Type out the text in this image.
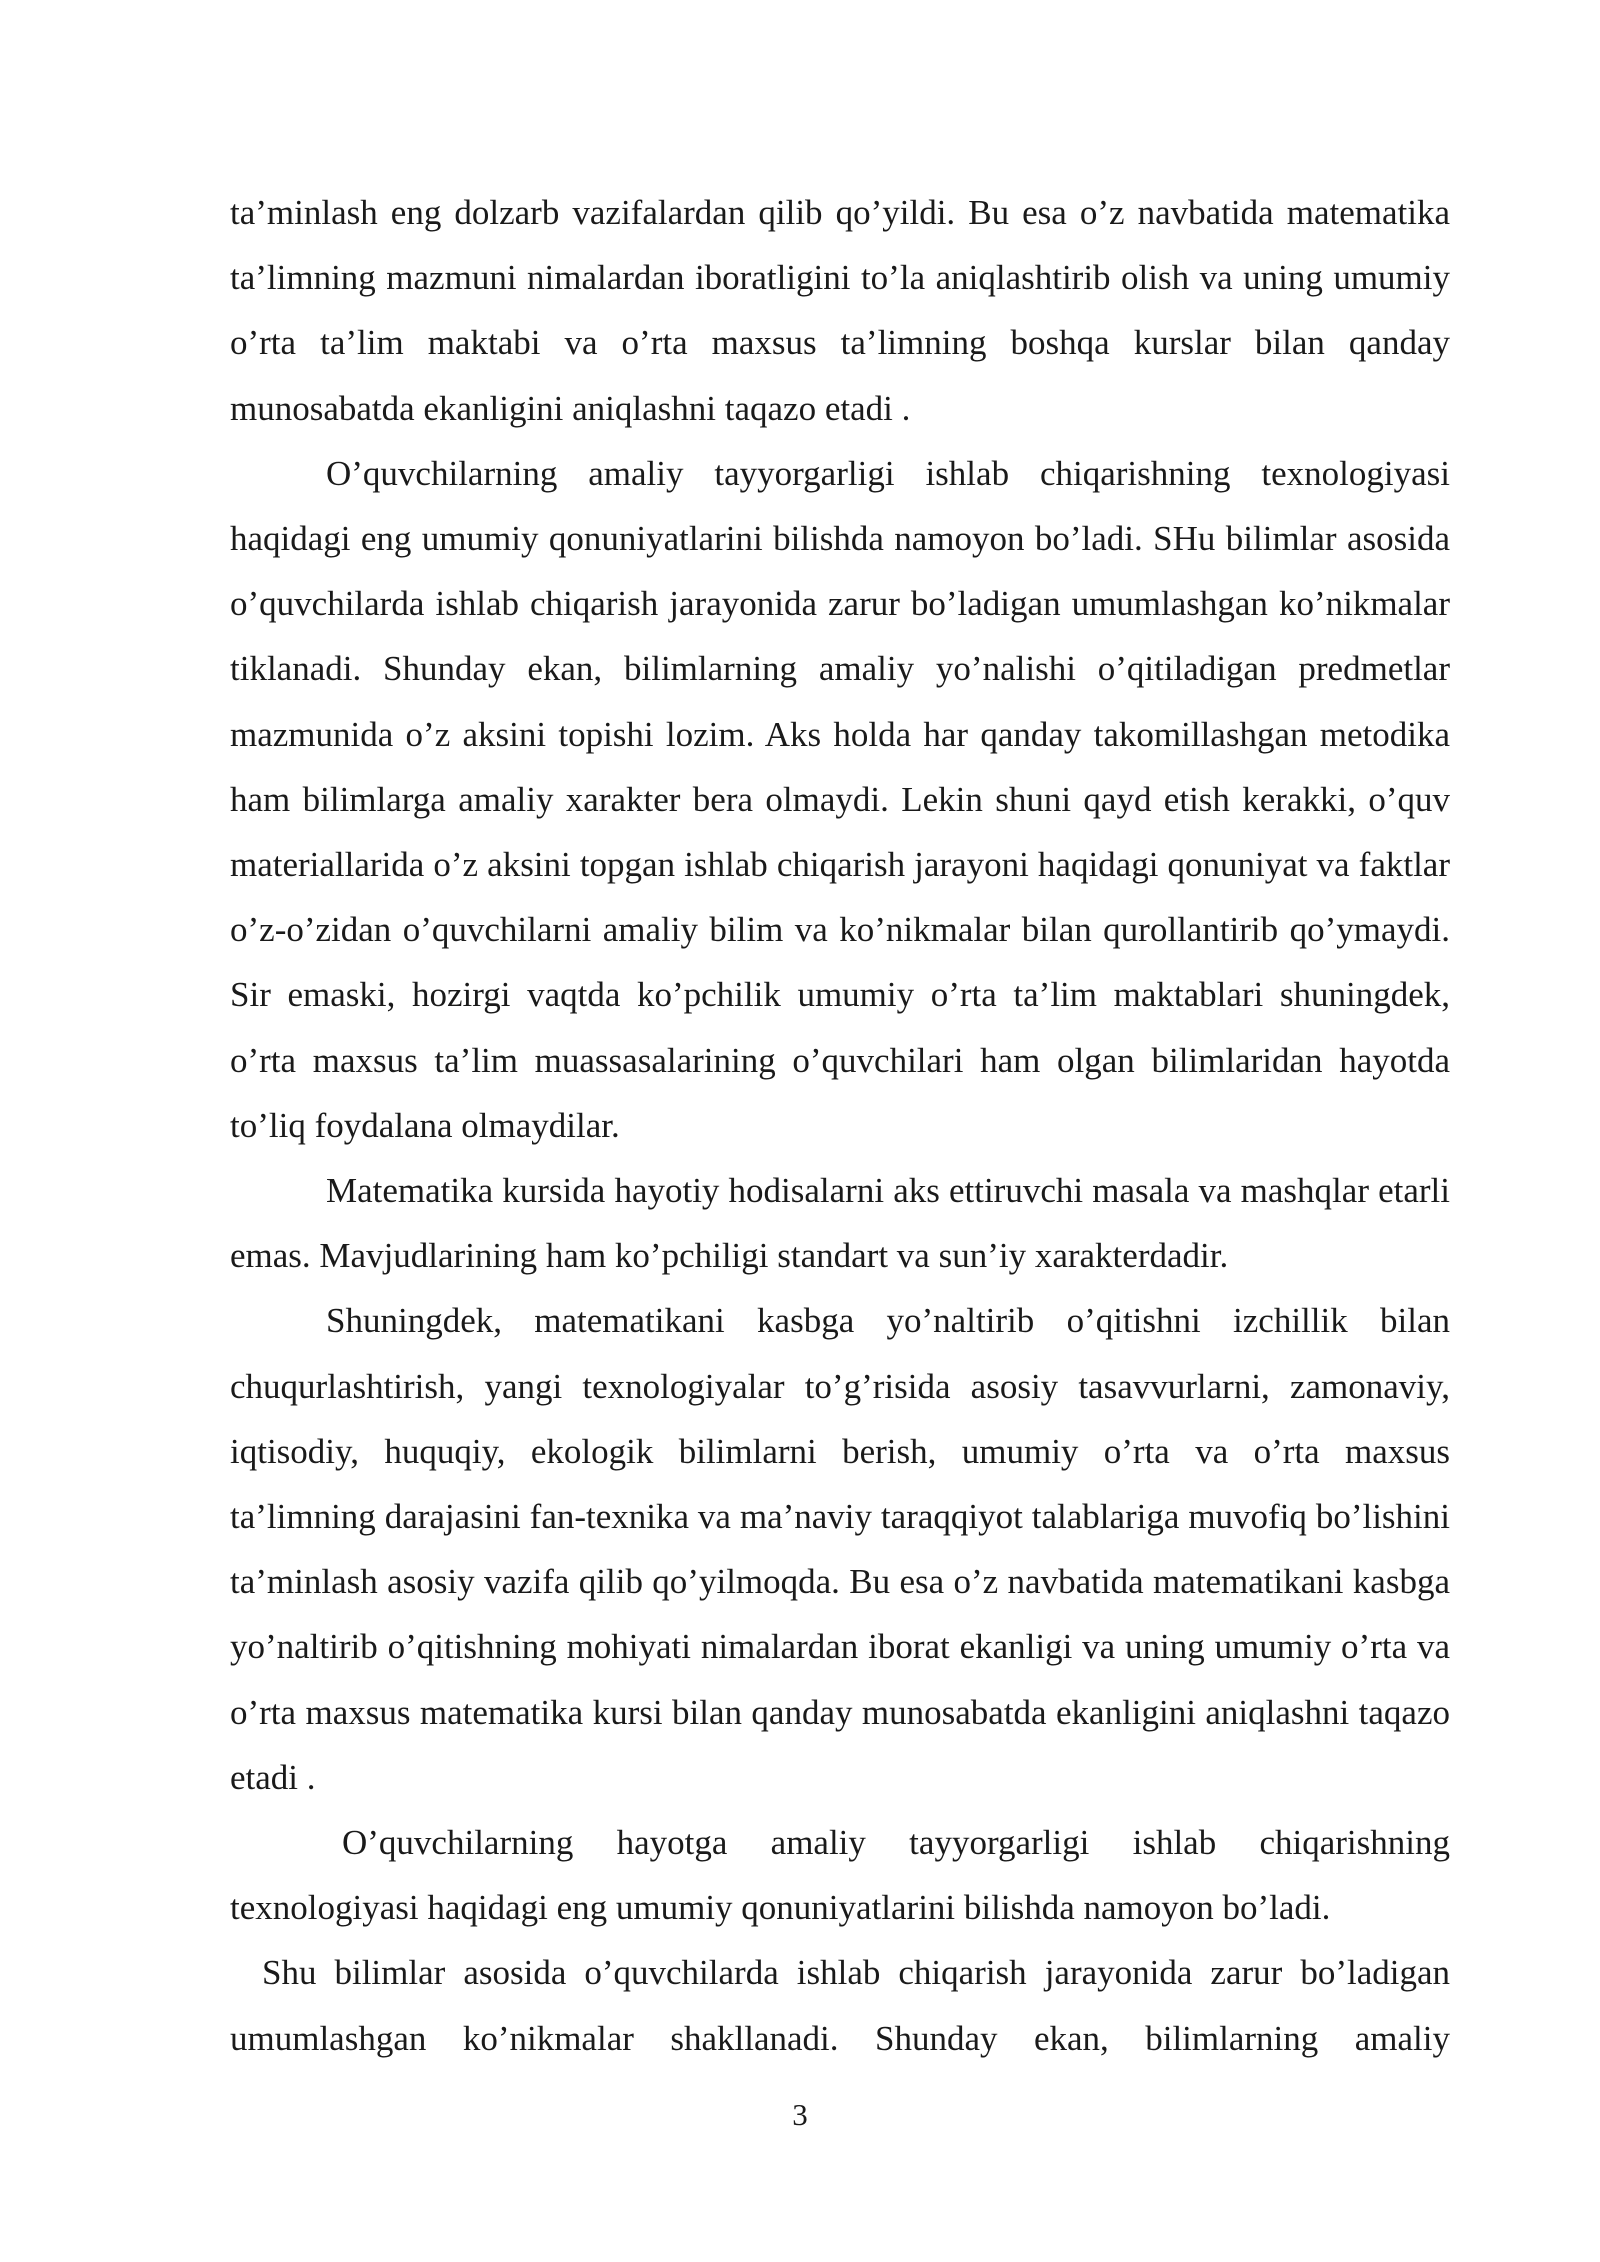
ta’minlash eng dolzarb vazifalardan qilib qo’yildi. Bu esa o’z navbatida matematika ta’limning mazmuni nimalardan iboratligini to’la aniqlashtirib olish va uning umumiy o’rta ta’lim maktabi va o’rta maxsus ta’limning boshqa kurslar bilan qanday munosabatda ekanligini aniqlashni taqazo etadi .

O’quvchilarning amaliy tayyorgarligi ishlab chiqarishning texnologiyasi haqidagi eng umumiy qonuniyatlarini bilishda namoyon bo’ladi. SHu bilimlar asosida o’quvchilarda ishlab chiqarish jarayonida zarur bo’ladigan umumlashgan ko’nikmalar tiklanadi. Shunday ekan, bilimlarning amaliy yo’nalishi o’qitiladigan predmetlar mazmunida o’z aksini topishi lozim. Aks holda har qanday takomillashgan metodika ham bilimlarga amaliy xarakter bera olmaydi. Lekin shuni qayd etish kerakki, o’quv materiallarida o’z aksini topgan ishlab chiqarish jarayoni haqidagi qonuniyat va faktlar o’z-o’zidan o’quvchilarni amaliy bilim va ko’nikmalar bilan qurollantirib qo’ymaydi. Sir emaski, hozirgi vaqtda ko’pchilik umumiy o’rta ta’lim maktablari shuningdek, o’rta maxsus ta’lim muassasalarining o’quvchilari ham olgan bilimlaridan hayotda to’liq foydalana olmaydilar.

Matematika kursida hayotiy hodisalarni aks ettiruvchi masala va mashqlar etarli emas. Mavjudlarining ham ko’pchiligi standart va sun’iy xarakterdadir.

Shuningdek, matematikani kasbga yo’naltirib o’qitishni izchillik bilan chuqurlashtirish, yangi texnologiyalar to’g’risida asosiy tasavvurlarni, zamonaviy, iqtisodiy, huquqiy, ekologik bilimlarni berish, umumiy o’rta va o’rta maxsus ta’limning darajasini fan-texnika va ma’naviy taraqqiyot talablariga muvofiq bo’lishini ta’minlash asosiy vazifa qilib qo’yilmoqda. Bu esa o’z navbatida matematikani kasbga yo’naltirib o’qitishning mohiyati nimalardan iborat ekanligi va uning umumiy o’rta va o’rta maxsus matematika kursi bilan qanday munosabatda ekanligini aniqlashni taqazo etadi .

O’quvchilarning hayotga amaliy tayyorgarligi ishlab chiqarishning texnologiyasi haqidagi eng umumiy qonuniyatlarini bilishda namoyon bo’ladi.

Shu bilimlar asosida o’quvchilarda ishlab chiqarish jarayonida zarur bo’ladigan umumlashgan ko’nikmalar shakllanadi. Shunday ekan, bilimlarning amaliy

3
